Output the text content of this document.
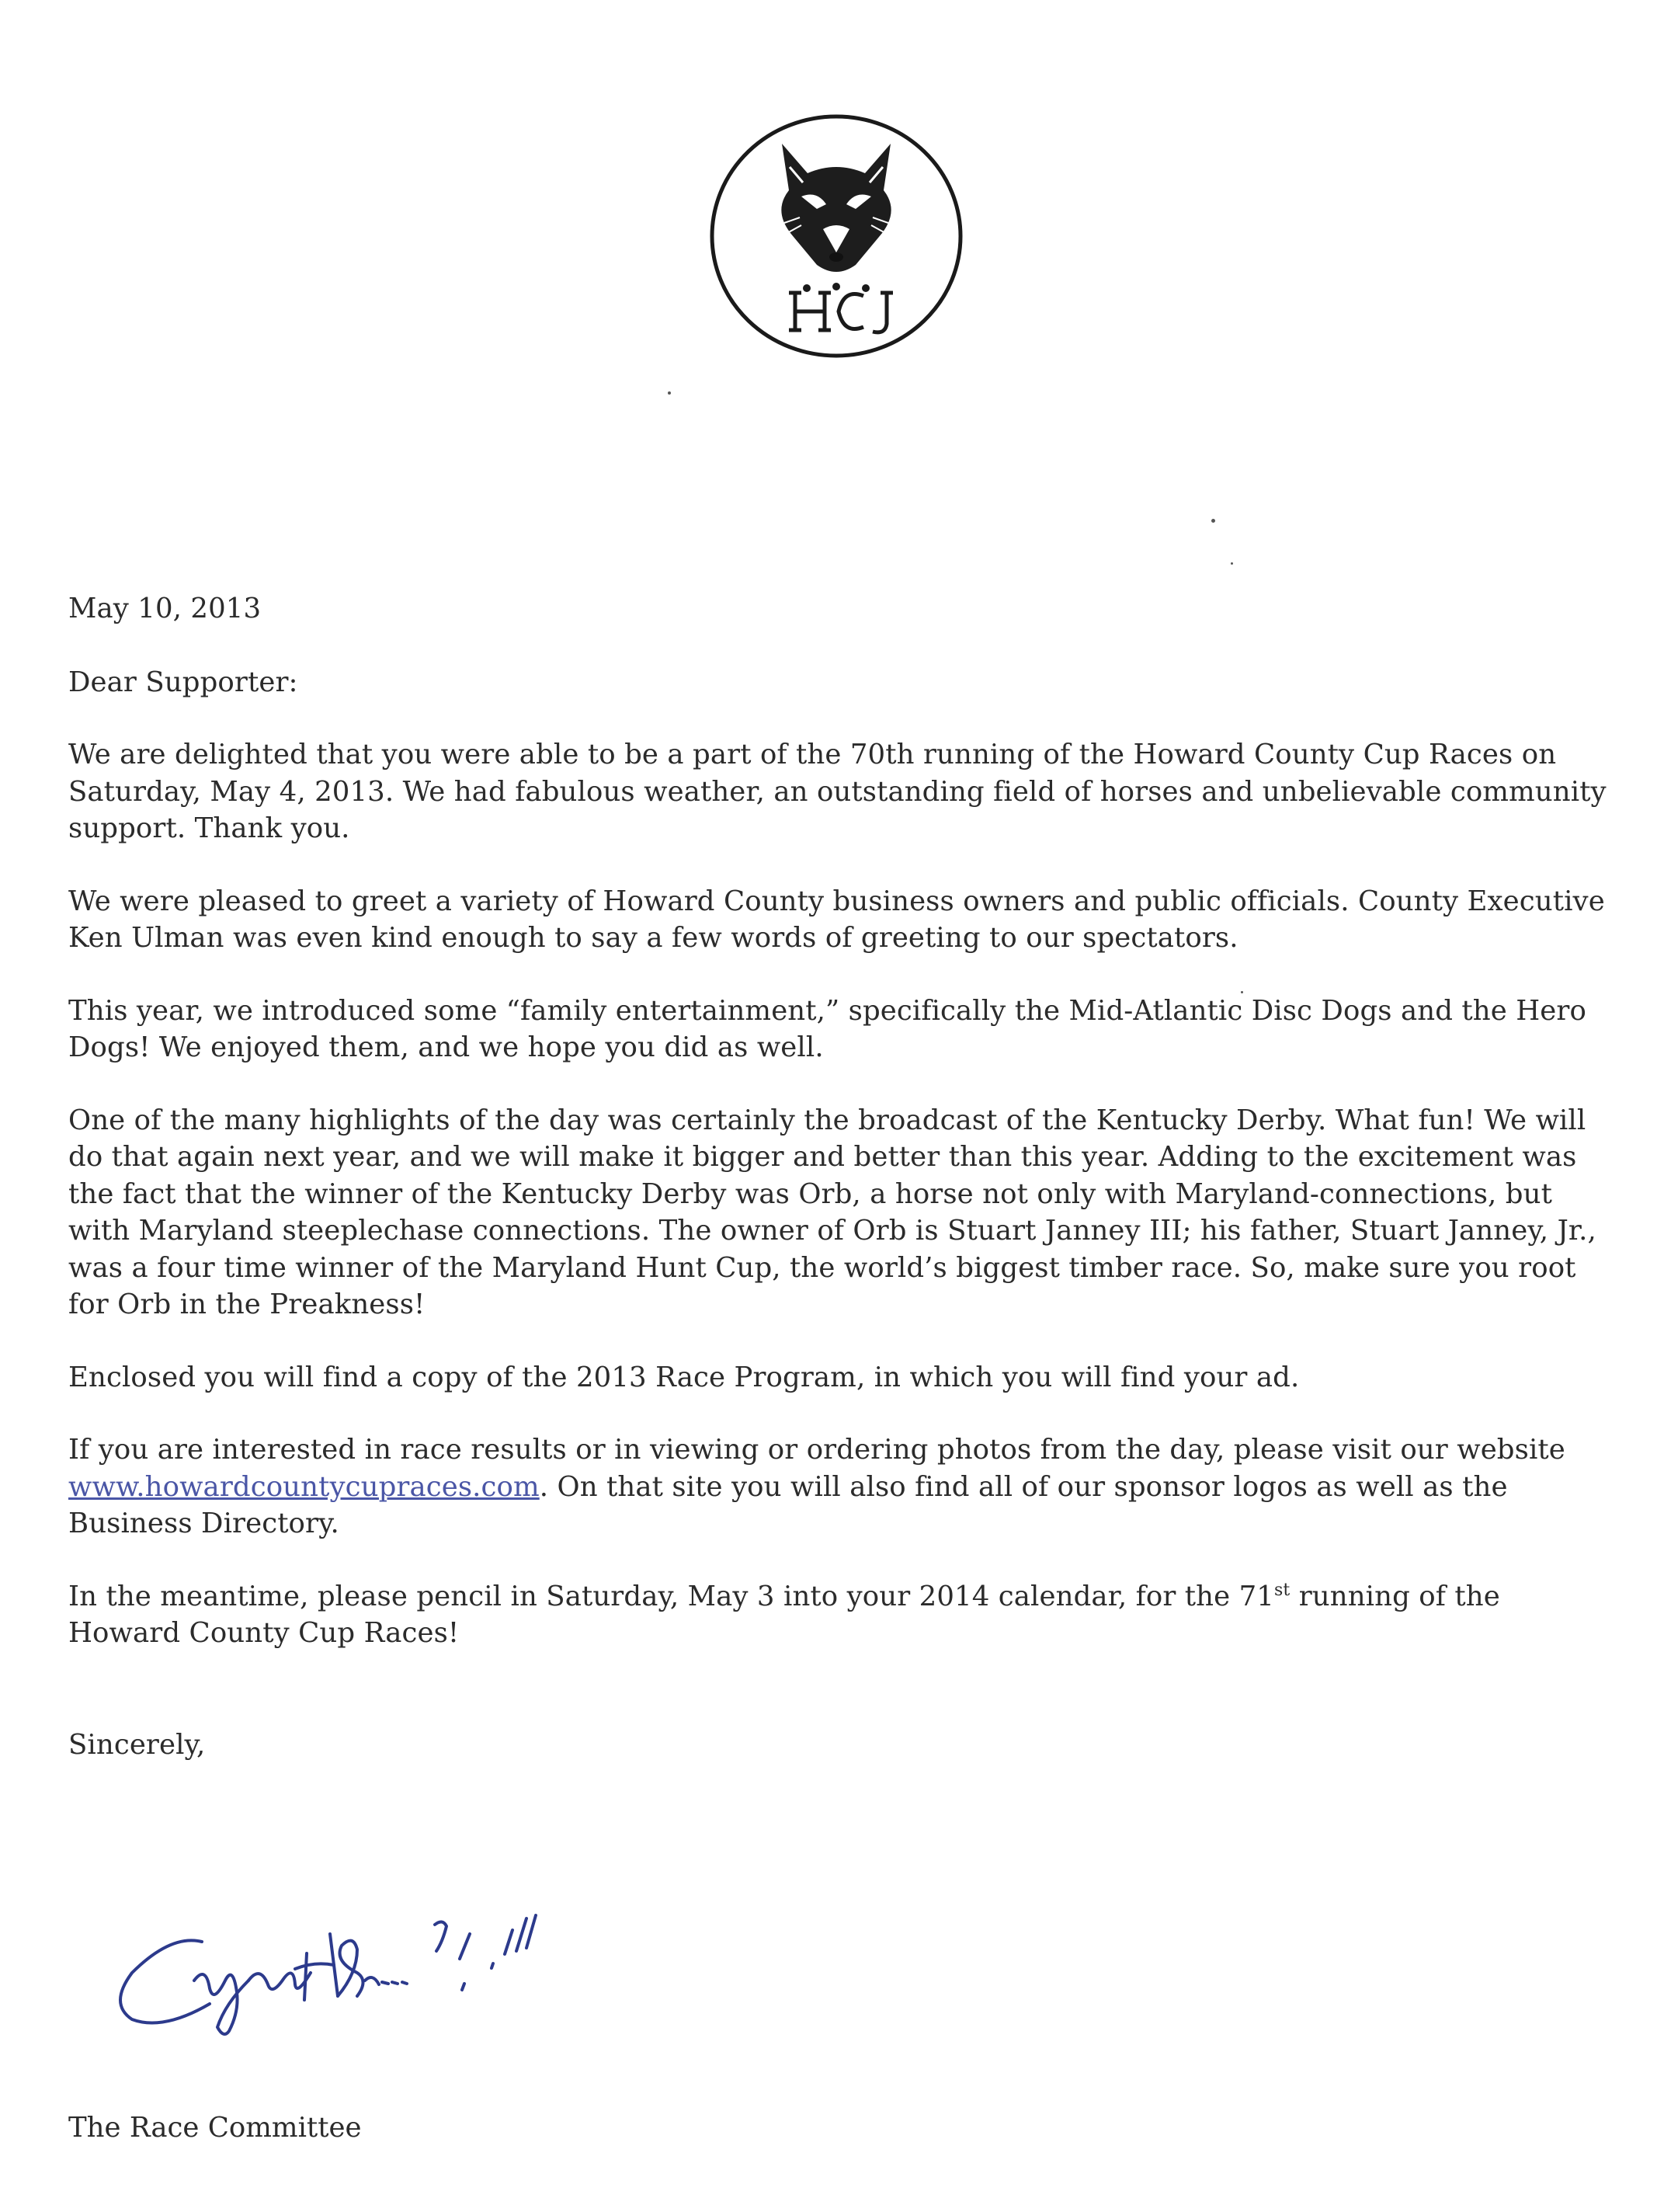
May 10, 2013

Dear Supporter:

We are delighted that you were able to be a part of the 70th running of the Howard County Cup Races on Saturday, May 4, 2013. We had fabulous weather, an outstanding field of horses and unbelievable community support. Thank you.

We were pleased to greet a variety of Howard County business owners and public officials. County Executive Ken Ulman was even kind enough to say a few words of greeting to our spectators.

This year, we introduced some “family entertainment,” specifically the Mid-Atlantic Disc Dogs and the Hero Dogs! We enjoyed them, and we hope you did as well.

One of the many highlights of the day was certainly the broadcast of the Kentucky Derby. What fun! We will do that again next year, and we will make it bigger and better than this year. Adding to the excitement was the fact that the winner of the Kentucky Derby was Orb, a horse not only with Maryland-connections, but with Maryland steeplechase connections. The owner of Orb is Stuart Janney III; his father, Stuart Janney, Jr., was a four time winner of the Maryland Hunt Cup, the world’s biggest timber race. So, make sure you root for Orb in the Preakness!

Enclosed you will find a copy of the 2013 Race Program, in which you will find your ad.

If you are interested in race results or in viewing or ordering photos from the day, please visit our website www.howardcountycupraces.com. On that site you will also find all of our sponsor logos as well as the Business Directory.

In the meantime, please pencil in Saturday, May 3 into your 2014 calendar, for the 71st running of the Howard County Cup Races!

Sincerely,

The Race Committee
